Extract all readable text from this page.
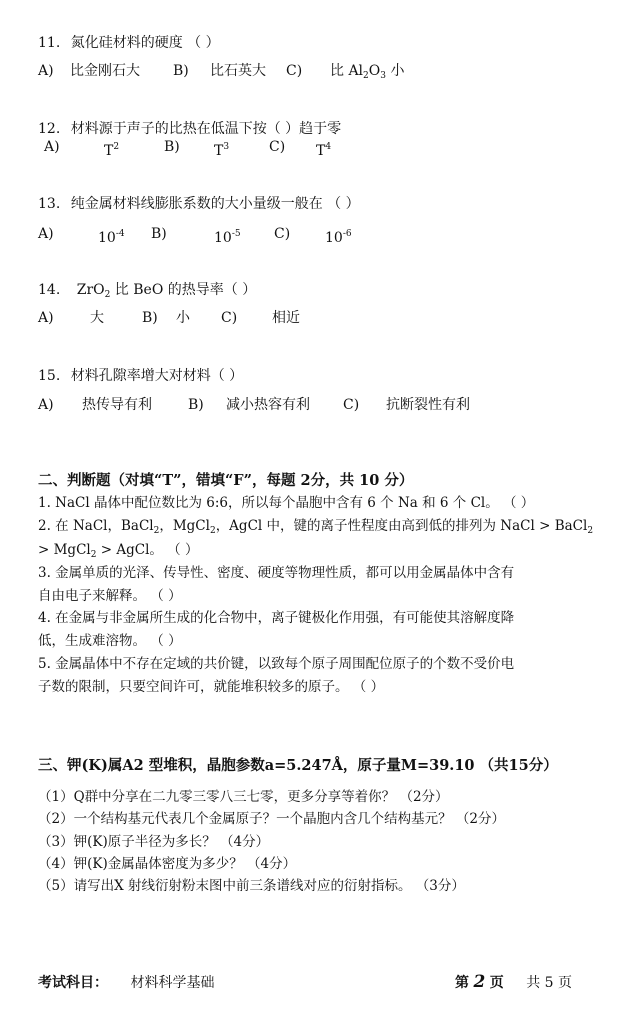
11. 氮化硅材料的硬度 （ ）
A) 比金刚石大 B) 比石英大 C) 比 $Al_2O_3$ 小
12. 材料源于声子的比热在低温下按（ ）趋于零
A)	$T^2$	B) $T^3$	C) $T^4$
13. 纯金属材料线膨胀系数的大小量级一般在 （ ）
A)	$10^{-4}$ B)	$10^{-5}$ C) $10^{-6}$
14. ZrO$_2$ 比 BeO 的热导率（ ）
A)	大	B) 小 C) 相近
15. 材料孔隙率增大对材料（ ）
A) 热传导有利	B) 减小热容有利 C) 抗断裂性有利
二、判断题（对填“T”，错填“F”，每题 2分，共 10 分）
1. NaCl 晶体中配位数比为 6:6，所以每个晶胞中含有 6 个 Na 和 6 个 Cl。 （ ）
2. 在 NaCl，BaCl$_2$，MgCl$_2$，AgCl 中，键的离子性程度由高到低的排列为 NaCl > BaCl$_2$
> MgCl$_2$ > AgCl。 （ ）
3. 金属单质的光泽、传导性、密度、硬度等物理性质，都可以用金属晶体中含有
自由电子来解释。 （ ）
4. 在金属与非金属所生成的化合物中，离子键极化作用强，有可能使其溶解度降
低，生成难溶物。 （ ）
5. 金属晶体中不存在定域的共价键，以致每个原子周围配位原子的个数不受价电
子数的限制，只要空间许可，就能堆积较多的原子。 （ ）
三、钾(K)属A2 型堆积，晶胞参数a=5.247Å，原子量M=39.10 （共15分）
（1）Q群中分享在二九零三零八三七零，更多分享等着你？ （2分）
（2）一个结构基元代表几个金属原子？一个晶胞内含几个结构基元？ （2分）
（3）钾(K)原子半径为多长？ （4分）
（4）钾(K)金属晶体密度为多少？ （4分）
（5）请写出X 射线衍射粉末图中前三条谱线对应的衍射指标。 （3分）
考试科目： 材料科学基础	第 2 页 共 5 页
